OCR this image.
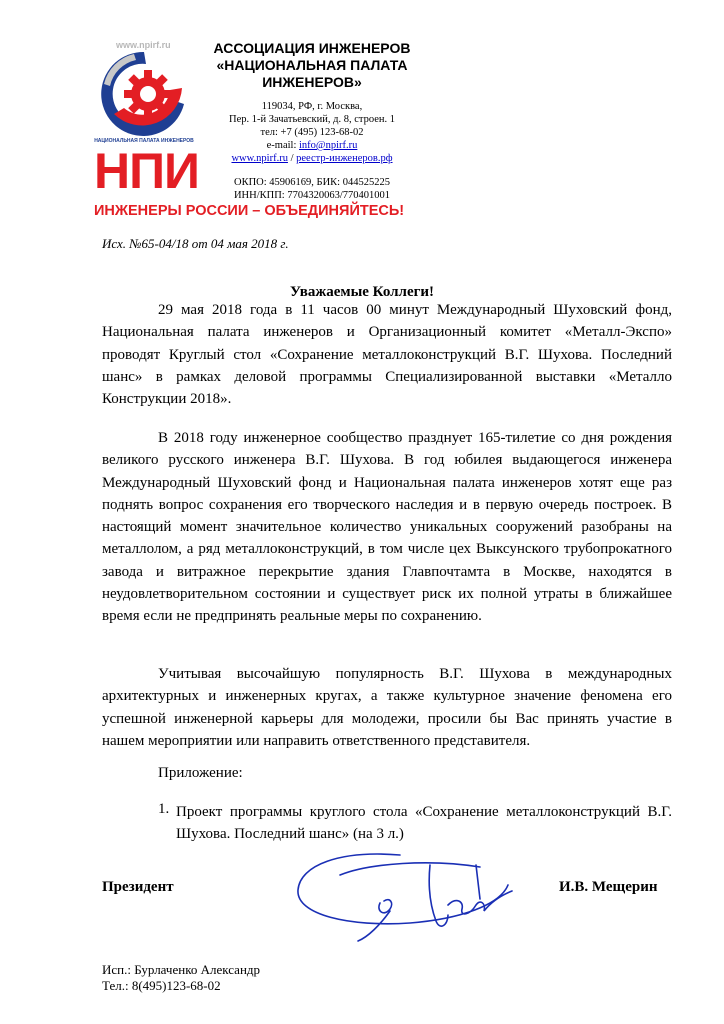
www.npirf.ru
НАЦИОНАЛЬНАЯ ПАЛАТА ИНЖЕНЕРОВ
НПИ
АССОЦИАЦИЯ ИНЖЕНЕРОВ
«НАЦИОНАЛЬНАЯ ПАЛАТА
ИНЖЕНЕРОВ»
119034, РФ, г. Москва,
Пер. 1-й Зачатьевский, д. 8, строен. 1
тел: +7 (495) 123-68-02
e-mail: info@npirf.ru
www.npirf.ru / реестр-инженеров.рф
ОКПО: 45906169, БИК: 044525225
ИНН/КПП: 7704320063/770401001
ИНЖЕНЕРЫ РОССИИ – ОБЪЕДИНЯЙТЕСЬ!
Исх. №65-04/18 от 04 мая 2018 г.
Уважаемые Коллеги!
29 мая 2018 года в 11 часов 00 минут Международный Шуховский фонд, Национальная палата инженеров и Организационный комитет «Металл-Экспо» проводят Круглый стол «Сохранение металлоконструкций В.Г. Шухова. Последний шанс» в рамках деловой программы Специализированной выставки «Металло Конструкции 2018».
В 2018 году инженерное сообщество празднует 165-тилетие со дня рождения великого русского инженера В.Г. Шухова. В год юбилея выдающегося инженера Международный Шуховский фонд и Национальная палата инженеров хотят еще раз поднять вопрос сохранения его творческого наследия и в первую очередь построек. В настоящий момент значительное количество уникальных сооружений разобраны на металлолом, а ряд металлоконструкций, в том числе цех Выксунского трубопрокатного завода и витражное перекрытие здания Главпочтамта в Москве, находятся в неудовлетворительном состоянии и существует риск их полной утраты в ближайшее время если не предпринять реальные меры по сохранению.
Учитывая высочайшую популярность В.Г. Шухова в международных архитектурных и инженерных кругах, а также культурное значение феномена его успешной инженерной карьеры для молодежи, просили бы Вас принять участие в нашем мероприятии или направить ответственного представителя.
Приложение:
1. Проект программы круглого стола «Сохранение металлоконструкций В.Г. Шухова. Последний шанс» (на 3 л.)
Президент	И.В. Мещерин
Исп.: Бурлаченко Александр
Тел.: 8(495)123-68-02
